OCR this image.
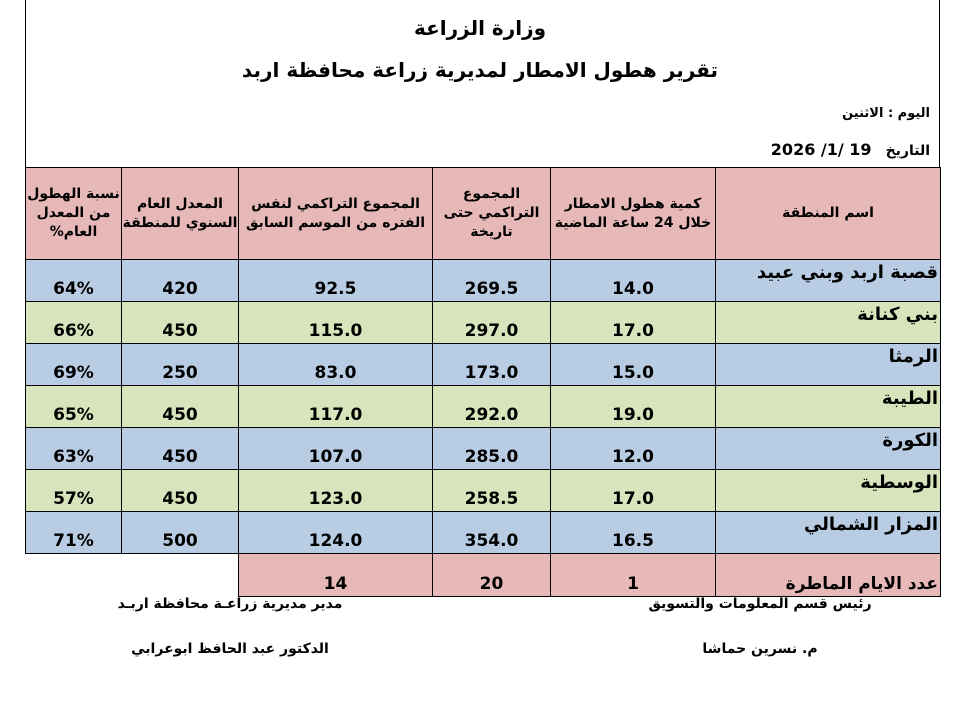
وزارة الزراعة
تقرير هطول الامطار لمديرية زراعة محافظة اربد
اليوم : الاثنين
التاريخ2026 /1/ 19
نسبة الهطول من المعدل العام%	المعدل العام السنوي للمنطقة	المجموع التراكمي لنفس الفتره من الموسم السابق	المجموع التراكمي حتى تاريخة	كمية هطول الامطار خلال 24 ساعة الماضية	اسم المنطقة
64%	420	92.5	269.5	14.0	قصبة اربد وبني عبيد
66%	450	115.0	297.0	17.0	بني كنانة
69%	250	83.0	173.0	15.0	الرمثا
65%	450	117.0	292.0	19.0	الطيبة
63%	450	107.0	285.0	12.0	الكورة
57%	450	123.0	258.5	17.0	الوسطية
71%	500	124.0	354.0	16.5	المزار الشمالي
		14	20	1	عدد الايام الماطرة
رئيس قسم المعلومات والتسويق
م. نسرين حماشا
مدير مديرية زراعـة محافظة اربـد
الدكتور عبد الحافظ ابوعرابي
